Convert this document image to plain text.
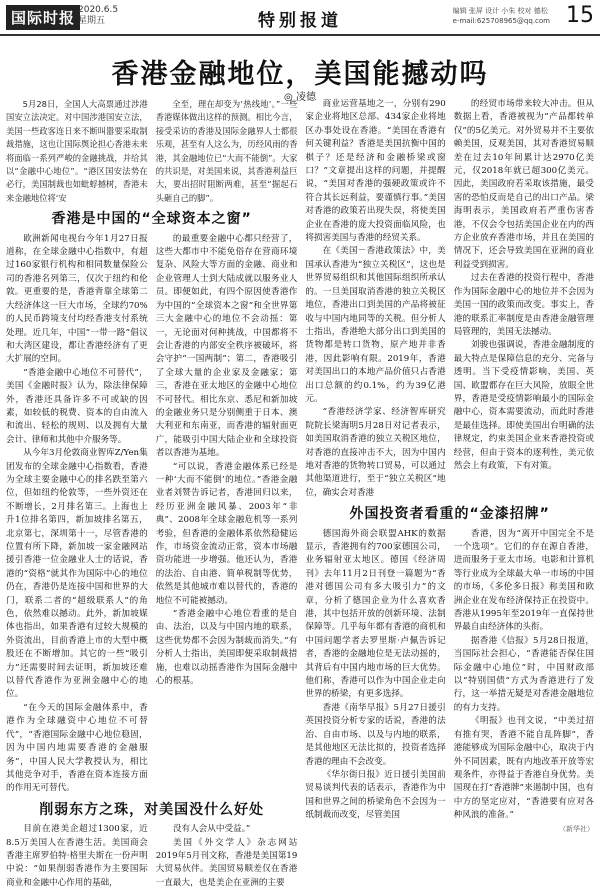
国际时报 2020.6.5
星期五	特别报道	编辑 张屏 设计 小朱 校对 德松
e-mail:625708965@qq.com 15
香港金融地位，美国能撼动吗
◎ 凌德

5月28日，全国人大高票通过涉港国安立法决定。对中国涉港国安立法，美国一些政客连日来不断叫嚣要采取制裁措施，这也让国际舆论担心香港未来将面临一系列严峻的金融挑战，并给其以“金融中心地位”。“港区国安法势在必行，美国制裁也如蚍蜉撼树，香港未来金融地位将‘安

全至，理在却变为‘热线地’。”一些香港媒体做出这样的预测。相比今言，接受采访的香港及国际金融界人士都很乐观，甚至有人这么为，历经风雨的香港，其金融地位已“大而不能倒”。大家的共识是，对美国来说，其香港利益巨大，要出招时阻断两难，甚至“掘起石头砸自己的脚”。

香港是中国的“全球资本之窗”

欧洲新闻电视台今年1月27日报道称，在全球金融中心指数中，有超过160家银行机构和相同数量保险公司的香港名列第三，仅次于纽约和伦敦。更重要的是，香港背靠全球第二大经济体这一巨大市场，全球约70%的人民币跨境支付均经香港支付系统处理。近几年，中国“一带一路”倡议和大湾区建设，都让香港经济有了更大扩展的空间。

“香港金融中心地位不可替代”，美国《金融时报》认为，除法律保障外，香港还具备许多不可或缺的因素，如较低的税费、资本的自由流入和流出、轻松的规则、以及拥有大量会计、律师和其他中介服务等。

从今年3月伦敦商业智库Z/Yen集团发布的全球金融中心指数看，香港为全球主要金融中心的排名跌至第六位，但如纽约伦敦等，一些外资还在不断增长，2月排名第三。上海也上升1位排名第四，新加坡排名第五，北京第七，深圳第十一，尽管香港的位置有所下降，新加坡一家金融网站援引香港一位金融业人士的话说，香港的“资格”就其作为国际中心的地位仍在，香港仍是连接中国和世界的大门，联系二者的“超级联系人”的角色，依然难以撼动。此外，新加坡媒体也指出，如果香港有过较大规模的外资流出，目前香港上市的大型中概股还在不断增加。其它的一些“吸引力”还需要时间去证明，新加坡还难以替代香港作为亚洲金融中心的地位。

“在今天的国际金融体系中，香港作为全球融资中心地位不可替代”，“香港国际金融中心地位稳固，因为中国内地需要香港的金融服务”，中国人民大学教授认为，相比其他竞争对手，香港在资本连接方面的作用无可替代。

的最重要金融中心都只经营了，这些大都市中不能免俗存在营商环境复杂、风险大等方面的金融、商业和企业管理人士到大陆成就以服务业人员。即便如此，有四个原因使香港作为中国的“全球资本之窗”和全世界第三大金融中心的地位不会动摇：第一，无论面对何种挑战，中国都将不会让香港的内部安全秩序被破坏，将会守护“一国两制”；第二，香港吸引了全球大量的企业家及金融家；第三，香港在亚太地区的金融中心地位不可替代。相比东京、悉尼和新加坡的金融业务只是分别侧重于日本、澳大利亚和东南亚，而香港的辐射面更广，能吸引中国大陆企业和全球投资者以香港为基地。

“可以说，香港金融体系已经是一种‘大而不能倒’的地位。”香港金融业者刘赞告诉记者，香港回归以来，经历亚洲金融风暴、2003年“非典”、2008年全球金融危机等一系列考验，但香港的金融体系依然稳健运作，市场资金流动正常，资本市场融资功能进一步增强。他还认为，香港的法治、自由港、简单税制等优势，依然是其他城市难以替代的，香港的地位不可能被撼动。

“香港金融中心地位看重的是自由、法治，以及与中国内地的联系，这些优势都不会因为制裁而消失。”有分析人士指出，美国即便采取制裁措施，也难以动摇香港作为国际金融中心的根基。

削弱东方之珠，对美国没什么好处

目前在港美企超过1300家，近8.5万美国人在香港生活。美国商会香港主席罗伯特·格里夫斯在一份声明中说：“如果削弱香港作为主要国际商业和金融中心作用的基础，

没有人会从中受益。”

美国《外交学人》杂志网站2019年5月刊文称，香港是美国第19大贸易伙伴。美国贸易顺差仅在香港一直最大，也是美企在亚洲的主要

商业运营基地之一，分别有290家企业将地区总部、434家企业将地区办事处设在香港。“美国在香港有何关键利益？香港是美国抗衡中国的棋子？还是经济和金融桥梁或窗口？”文章提出这样的问题，并提醒说，“美国对香港的强硬政策或许不符合其长远利益，要谨慎行事。”美国对香港的政策若出现失误，将使美国企业在香港的庞大投资面临风险，也将损害美国与香港的经贸关系。

在《美国－香港政策法》中，美国承认香港为“独立关税区”，这也是世界贸易组织和其他国际组织所承认的。一旦美国取消香港的独立关税区地位，香港出口到美国的产品将被征收与中国内地同等的关税。但分析人士指出，香港绝大部分出口到美国的货物都是转口货物，原产地并非香港，因此影响有限。2019年，香港对美国出口的本地产品价值只占香港出口总额的约0.1%，约为39亿港元。

“香港经济学家、经济智库研究院院长梁海明5月28日对记者表示，如美国取消香港的独立关税区地位，对香港的直接冲击不大，因为中国内地对香港的货物转口贸易，可以通过其他渠道进行，至于“独立关税区”地位，确实会对香港

的经贸市场带来较大冲击。但从数据上看，香港被视为“产品都转单仅”的5亿美元。对外贸易并不主要依赖美国，反观美国，其对香港贸易顺差在过去10年间累计达2970亿美元，仅2018年就已超300亿美元。因此，美国政府若采取该措施，最受害的恐怕反而是自己的出口产品。梁海明表示，美国政府若严重伤害香港，不仅会令包括美国企业在内的西方企业放弃香港市场，并且在美国的情况下，还会导致美国在亚洲的商业利益受到损害。

过去在香港的投资行程中，香港作为国际金融中心的地位并不会因为美国一国的政策而改变。事实上，香港的联系汇率制度是由香港金融管理局管理的，美国无法撼动。

刘骏也强调说，香港金融制度的最大特点是保障信息的充分、完备与透明。当下受疫情影响，美国、英国、欧盟都存在巨大风险，放眼全世界，香港是受疫情影响最小的国际金融中心，资本需要流动，而此时香港是最佳选择。即使美国出台明确的法律规定，约束美国企业来香港投资或经营，但由于资本的逐利性，美元依然会上有政策，下有对策。

外国投资者看重的“金漆招牌”

德国海外商会联盟AHK的数据显示，香港拥有约700家德国公司，业务辐射亚太地区。德国《经济周刊》去年11月2日刊登一篇题为“香港对德国公司有多大吸引力”的文章，分析了德国企业为什么喜欢香港，其中包括开放的创新环境、法制保障等。几乎每年都有香港的商机和中国问题学者去罗里斯·卢佩告诉记者，香港的金融地位是无法动摇的，其背后有中国内地市场的巨大优势。他们称，香港可以作为中国企业走向世界的桥梁，有更多选择。

香港《南华早报》5月27日援引英国投资分析专家的话说，香港的法治、自由市场、以及与内地的联系，是其他地区无法比拟的，投资者选择香港的理由不会改变。

《华尔街日报》近日援引美国前贸易谈判代表的话表示，香港作为中国和世界之间的桥梁角色不会因为一纸制裁而改变，尽管美国

香港，因为“离开中国完全不是一个选项”。它们的存在源自香港，进而服务于亚太市场。电影和计算机等行业成为全球最大单一市场的中国的市场，《多伦多日报》称美国和欧洲企业在发布经济保持正在投资中。香港从1995年至2019年一直保持世界最自由经济体的头衔。

据香港《信报》5月28日报道，当国际社会担心，“香港能否保住国际金融中心地位”时，中国财政部以“特别国债”方式为香港进行了发行，这一举措无疑是对香港金融地位的有力支持。

《明报》也刊文说，“中美过招有推有哭，香港不能自乱阵脚”，香港能够成为国际金融中心，取决于内外不同因素，既有内地改革开放等宏观条件，亦得益于香港自身优势。美国现在打“香港牌”来遏制中国，也有中方的坚定应对，“香港要有应对各种风浪的准备。”

（新华社）
